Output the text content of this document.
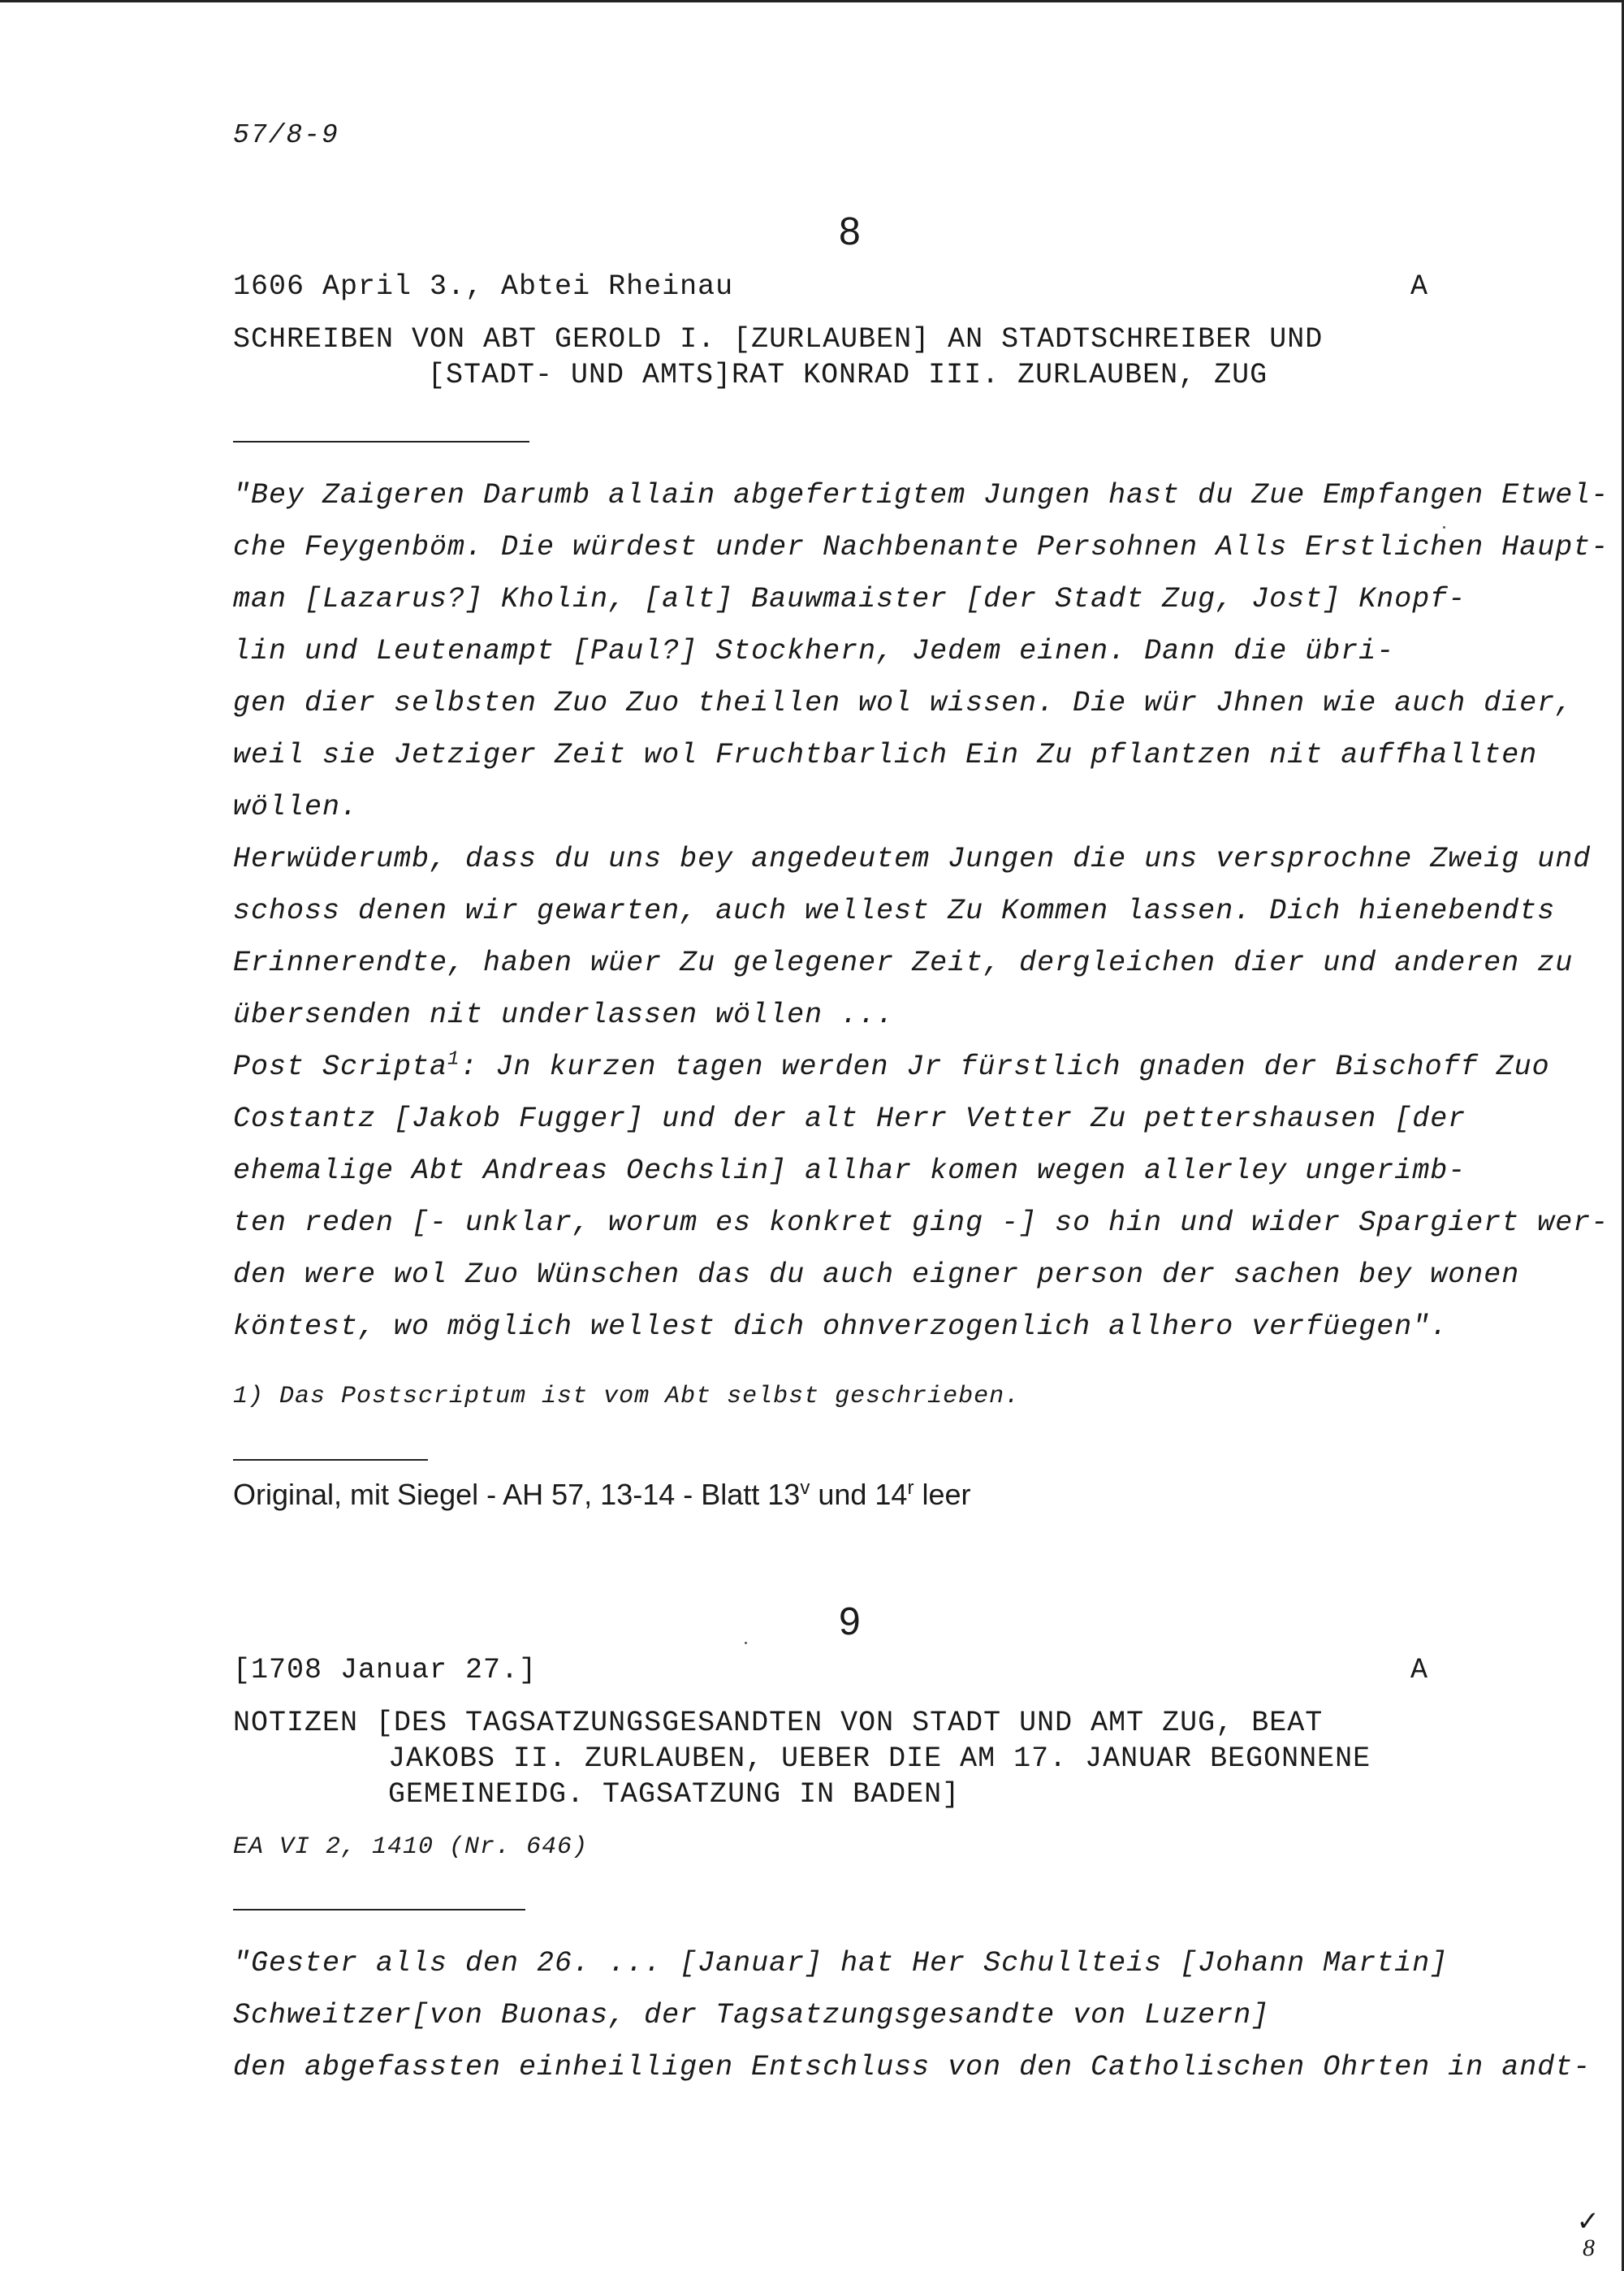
57/8-9
8
1606 April 3., Abtei Rheinau	A
SCHREIBEN VON ABT GEROLD I. [ZURLAUBEN] AN STADTSCHREIBER UND
[STADT- UND AMTS]RAT KONRAD III. ZURLAUBEN, ZUG
"Bey Zaigeren Darumb allain abgefertigtem Jungen hast du Zue Empfangen Etwel-
che Feygenböm. Die würdest under Nachbenante Persohnen Alls Erstlichen Haupt-
man [Lazarus?] Kholin, [alt] Bauwmaister [der Stadt Zug, Jost] Knopf-
lin und Leutenampt [Paul?] Stockhern, Jedem einen. Dann die übri-
gen dier selbsten Zuo Zuo theillen wol wissen. Die wür Jhnen wie auch dier,
weil sie Jetziger Zeit wol Fruchtbarlich Ein Zu pflantzen nit auffhallten
wöllen.
Herwüderumb, dass du uns bey angedeutem Jungen die uns versprochne Zweig und
schoss denen wir gewarten, auch wellest Zu Kommen lassen. Dich hienebendts
Erinnerendte, haben wüer Zu gelegener Zeit, dergleichen dier und anderen zu
übersenden nit underlassen wöllen ...
Post Scripta$^1$: Jn kurzen tagen werden Jr fürstlich gnaden der Bischoff Zuo
Costantz [Jakob Fugger] und der alt Herr Vetter Zu pettershausen [der
ehemalige Abt Andreas Oechslin] allhar komen wegen allerley ungerimb-
ten reden [- unklar, worum es konkret ging -] so hin und wider Spargiert wer-
den were wol Zuo Wünschen das du auch eigner person der sachen bey wonen
köntest, wo möglich wellest dich ohnverzogenlich allhero verfüegen".
1) Das Postscriptum ist vom Abt selbst geschrieben.
Original, mit Siegel - AH 57, 13-14 - Blatt 13$^v$ und 14$^r$ leer
9
[1708 Januar 27.]	A
NOTIZEN [DES TAGSATZUNGSGESANDTEN VON STADT UND AMT ZUG, BEAT
JAKOBS II. ZURLAUBEN, UEBER DIE AM 17. JANUAR BEGONNENE
GEMEINEIDG. TAGSATZUNG IN BADEN]
EA VI 2, 1410 (Nr. 646)
"Gester alls den 26. ... [Januar] hat Her Schullteis [Johann Martin]
Schweitzer[von Buonas, der Tagsatzungsgesandte von Luzern]
den abgefassten einheilligen Entschluss von den Catholischen Ohrten in andt-
✓
8
